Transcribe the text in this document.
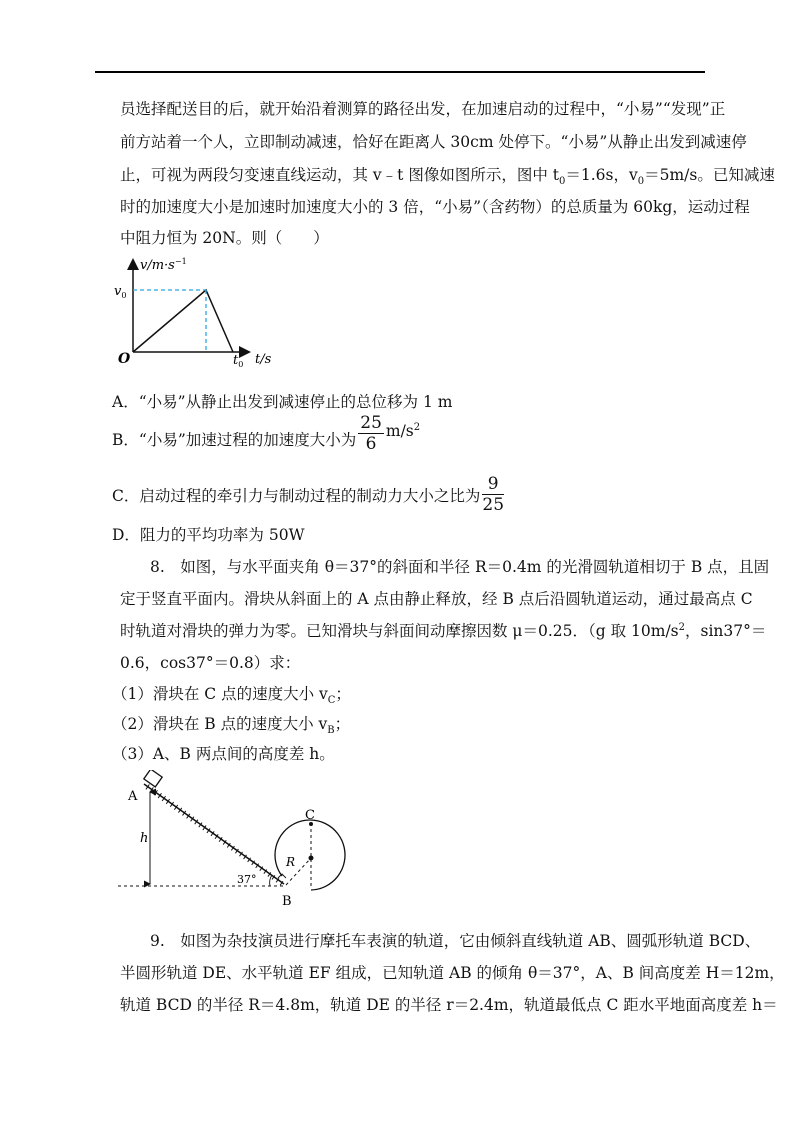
员选择配送目的后，就开始沿着测算的路径出发，在加速启动的过程中，“小易”“发现”正
前方站着一个人，立即制动减速，恰好在距离人 30cm 处停下。“小易”从静止出发到减速停
止，可视为两段匀变速直线运动，其 v﹣t 图像如图所示，图中 $t_0=1.6s$，$v_0=5m/s$。已知减速
时的加速度大小是加速时加速度大小的 3 倍，“小易”（含药物）的总质量为 60kg，运动过程
中阻力恒为 20N。则（　　）
$v/m\cdot s^{-1}$
$v_0$
O	$t_0$ t/s
A．“小易”从静止出发到减速停止的总位移为 1 m
B．“小易”加速过程的加速度大小为 $\frac{25}{6} m/s^2$
C．启动过程的牵引力与制动过程的制动力大小之比为 $\frac{9}{25}$
D．阻力的平均功率为 50W
8.　如图，与水平面夹角 θ＝37°的斜面和半径 R＝0.4m 的光滑圆轨道相切于 B 点，且固
定于竖直平面内。滑块从斜面上的 A 点由静止释放，经 B 点后沿圆轨道运动，通过最高点 C
时轨道对滑块的弹力为零。已知滑块与斜面间动摩擦因数 μ＝0.25．（g 取 $10m/s^2$，sin37°＝
0.6，cos37°＝0.8）求：
（1）滑块在 C 点的速度大小 $v_C$；
（2）滑块在 B 点的速度大小 $v_B$；
（3）A、B 两点间的高度差 h。
A
h
37°
B
C
R
9.　如图为杂技演员进行摩托车表演的轨道，它由倾斜直线轨道 AB、圆弧形轨道 BCD、
半圆形轨道 DE、水平轨道 EF 组成，已知轨道 AB 的倾角 θ＝37°，A、B 间高度差 H＝12m，
轨道 BCD 的半径 R＝4.8m，轨道 DE 的半径 r＝2.4m，轨道最低点 C 距水平地面高度差 h＝
